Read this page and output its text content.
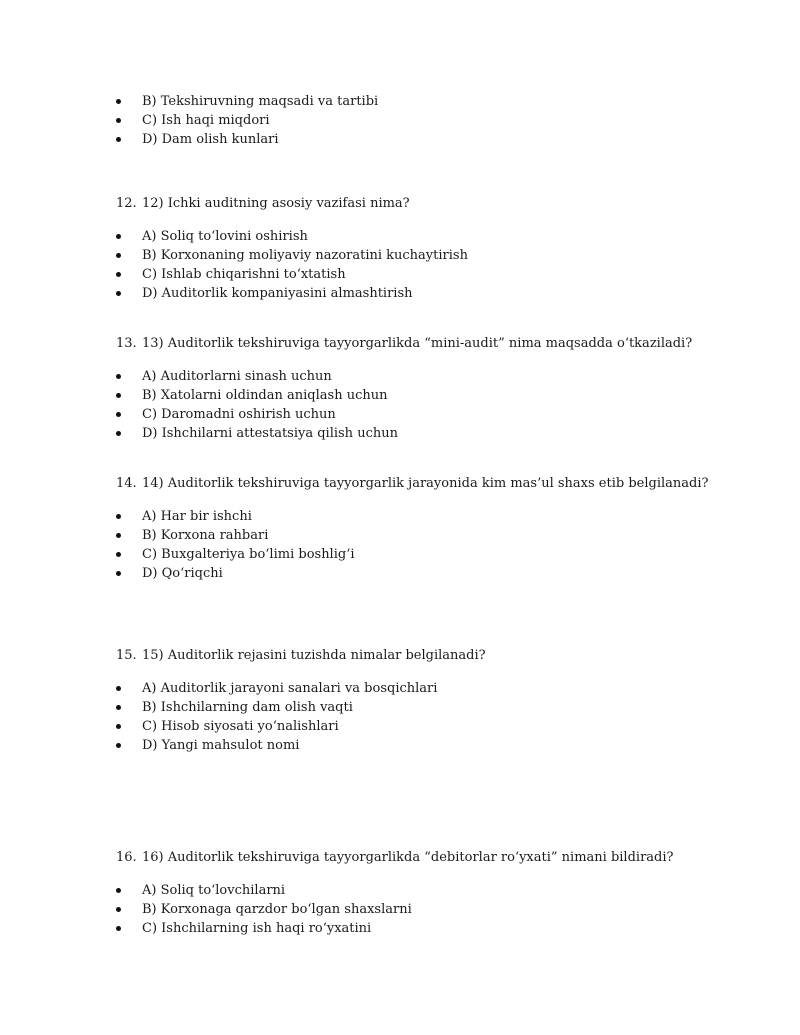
B) Tekshiruvning maqsadi va tartibi
C) Ish haqi miqdori
D) Dam olish kunlari
12. 12) Ichki auditning asosiy vazifasi nima?
A) Soliq to‘lovini oshirish
B) Korxonaning moliyaviy nazoratini kuchaytirish
C) Ishlab chiqarishni to‘xtatish
D) Auditorlik kompaniyasini almashtirish
13. 13) Auditorlik tekshiruviga tayyorgarlikda “mini-audit” nima maqsadda o‘tkaziladi?
A) Auditorlarni sinash uchun
B) Xatolarni oldindan aniqlash uchun
C) Daromadni oshirish uchun
D) Ishchilarni attestatsiya qilish uchun
14. 14) Auditorlik tekshiruviga tayyorgarlik jarayonida kim mas’ul shaxs etib belgilanadi?
A) Har bir ishchi
B) Korxona rahbari
C) Buxgalteriya bo‘limi boshlig‘i
D) Qo‘riqchi
15. 15) Auditorlik rejasini tuzishda nimalar belgilanadi?
A) Auditorlik jarayoni sanalari va bosqichlari
B) Ishchilarning dam olish vaqti
C) Hisob siyosati yo‘nalishlari
D) Yangi mahsulot nomi
16. 16) Auditorlik tekshiruviga tayyorgarlikda “debitorlar ro‘yxati” nimani bildiradi?
A) Soliq to‘lovchilarni
B) Korxonaga qarzdor bo‘lgan shaxslarni
C) Ishchilarning ish haqi ro‘yxatini
